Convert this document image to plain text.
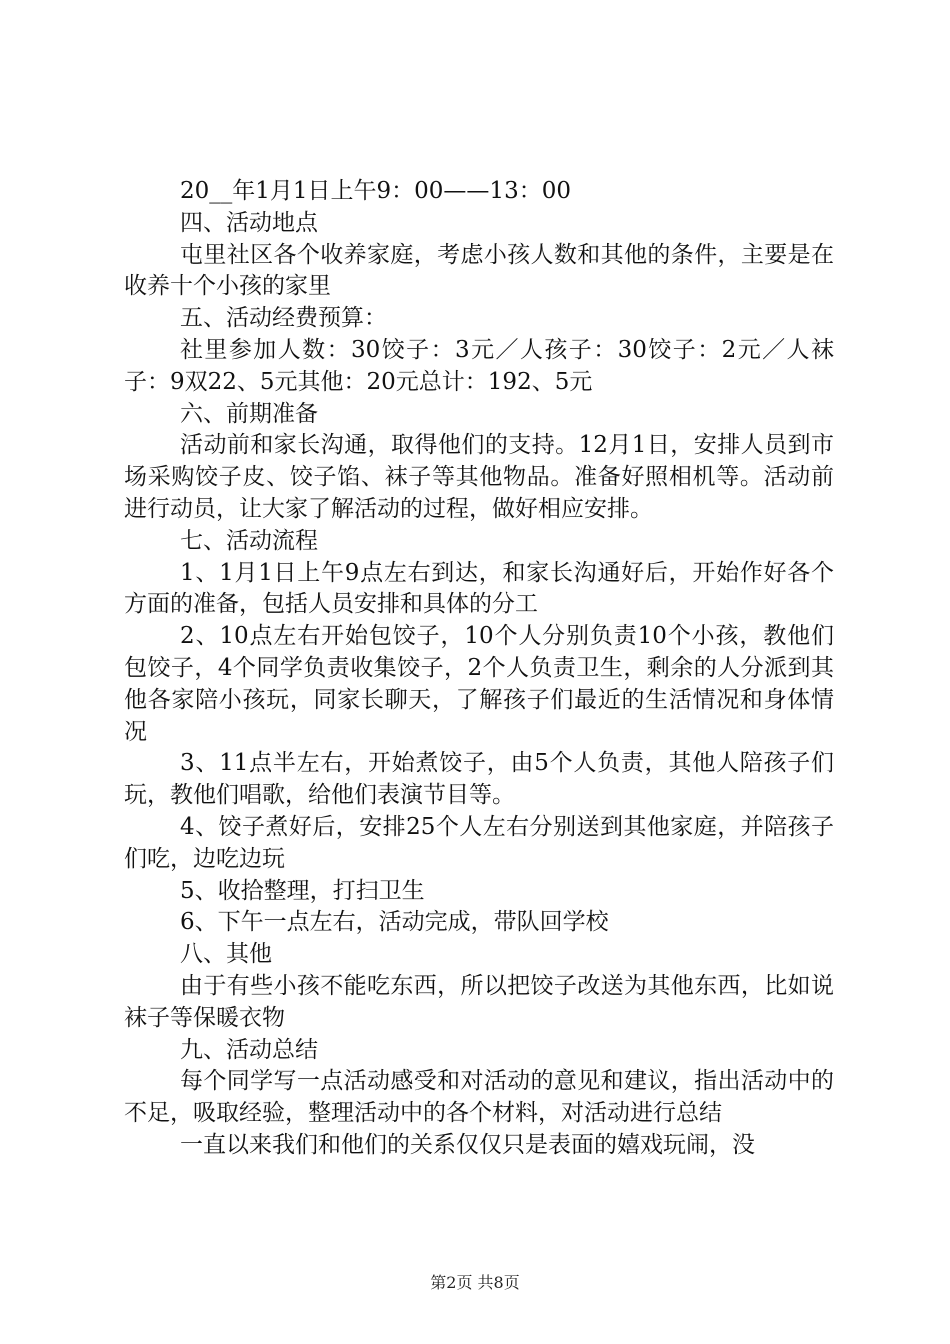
20__年1月1日上午9：00——13：00

四、活动地点

屯里社区各个收养家庭，考虑小孩人数和其他的条件，主要是在收养十个小孩的家里

五、活动经费预算：

社里参加人数：30饺子：3元／人孩子：30饺子：2元／人袜子：9双22、5元其他：20元总计：192、5元

六、前期准备

活动前和家长沟通，取得他们的支持。12月1日，安排人员到市场采购饺子皮、饺子馅、袜子等其他物品。准备好照相机等。活动前进行动员，让大家了解活动的过程，做好相应安排。

七、活动流程

1、1月1日上午9点左右到达，和家长沟通好后，开始作好各个方面的准备，包括人员安排和具体的分工

2、10点左右开始包饺子，10个人分别负责10个小孩，教他们包饺子，4个同学负责收集饺子，2个人负责卫生，剩余的人分派到其他各家陪小孩玩，同家长聊天，了解孩子们最近的生活情况和身体情况

3、11点半左右，开始煮饺子，由5个人负责，其他人陪孩子们玩，教他们唱歌，给他们表演节目等。

4、饺子煮好后，安排25个人左右分别送到其他家庭，并陪孩子们吃，边吃边玩

5、收拾整理，打扫卫生

6、下午一点左右，活动完成，带队回学校

八、其他

由于有些小孩不能吃东西，所以把饺子改送为其他东西，比如说袜子等保暖衣物

九、活动总结

每个同学写一点活动感受和对活动的意见和建议，指出活动中的不足，吸取经验，整理活动中的各个材料，对活动进行总结

一直以来我们和他们的关系仅仅只是表面的嬉戏玩闹，没

第2页 共8页
